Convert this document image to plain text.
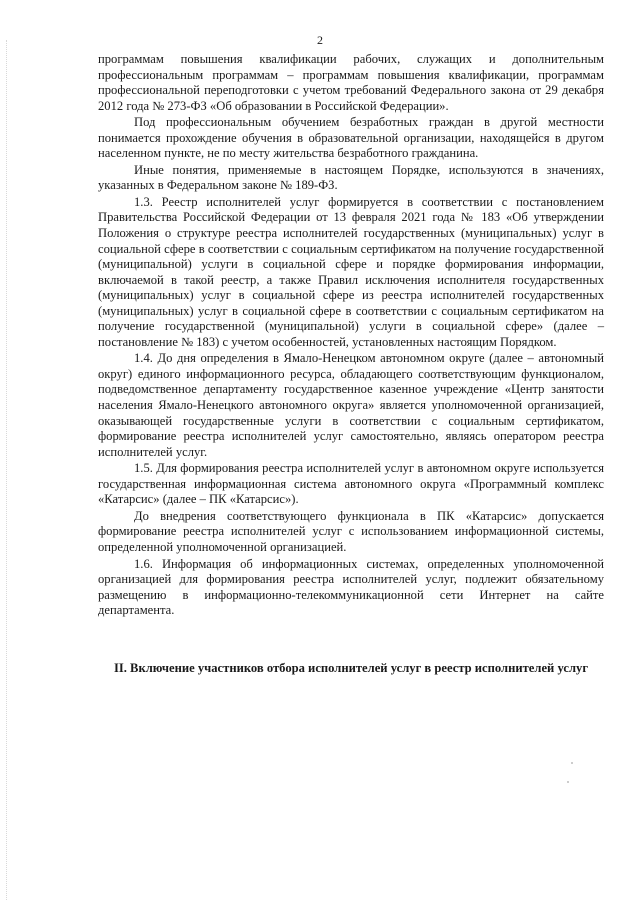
2

программам повышения квалификации рабочих, служащих и дополнительным профессиональным программам – программам повышения квалификации, программам профессиональной переподготовки с учетом требований Федерального закона от 29 декабря 2012 года № 273-ФЗ «Об образовании в Российской Федерации».

Под профессиональным обучением безработных граждан в другой местности понимается прохождение обучения в образовательной организации, находящейся в другом населенном пункте, не по месту жительства безработного гражданина.

Иные понятия, применяемые в настоящем Порядке, используются в значениях, указанных в Федеральном законе № 189-ФЗ.

1.3. Реестр исполнителей услуг формируется в соответствии с постановлением Правительства Российской Федерации от 13 февраля 2021 года № 183 «Об утверждении Положения о структуре реестра исполнителей государственных (муниципальных) услуг в социальной сфере в соответствии с социальным сертификатом на получение государственной (муниципальной) услуги в социальной сфере и порядке формирования информации, включаемой в такой реестр, а также Правил исключения исполнителя государственных (муниципальных) услуг в социальной сфере из реестра исполнителей государственных (муниципальных) услуг в социальной сфере в соответствии с социальным сертификатом на получение государственной (муниципальной) услуги в социальной сфере» (далее – постановление № 183) с учетом особенностей, установленных настоящим Порядком.

1.4. До дня определения в Ямало-Ненецком автономном округе (далее – автономный округ) единого информационного ресурса, обладающего соответствующим функционалом, подведомственное департаменту государственное казенное учреждение «Центр занятости населения Ямало-Ненецкого автономного округа» является уполномоченной организацией, оказывающей государственные услуги в соответствии с социальным сертификатом, формирование реестра исполнителей услуг самостоятельно, являясь оператором реестра исполнителей услуг.

1.5. Для формирования реестра исполнителей услуг в автономном округе используется государственная информационная система автономного округа «Программный комплекс «Катарсис» (далее – ПК «Катарсис»).

До внедрения соответствующего функционала в ПК «Катарсис» допускается формирование реестра исполнителей услуг с использованием информационной системы, определенной уполномоченной организацией.

1.6. Информация об информационных системах, определенных уполномоченной организацией для формирования реестра исполнителей услуг, подлежит обязательному размещению в информационно-телекоммуникационной сети Интернет на сайте департамента.

II. Включение участников отбора исполнителей услуг в реестр исполнителей услуг
